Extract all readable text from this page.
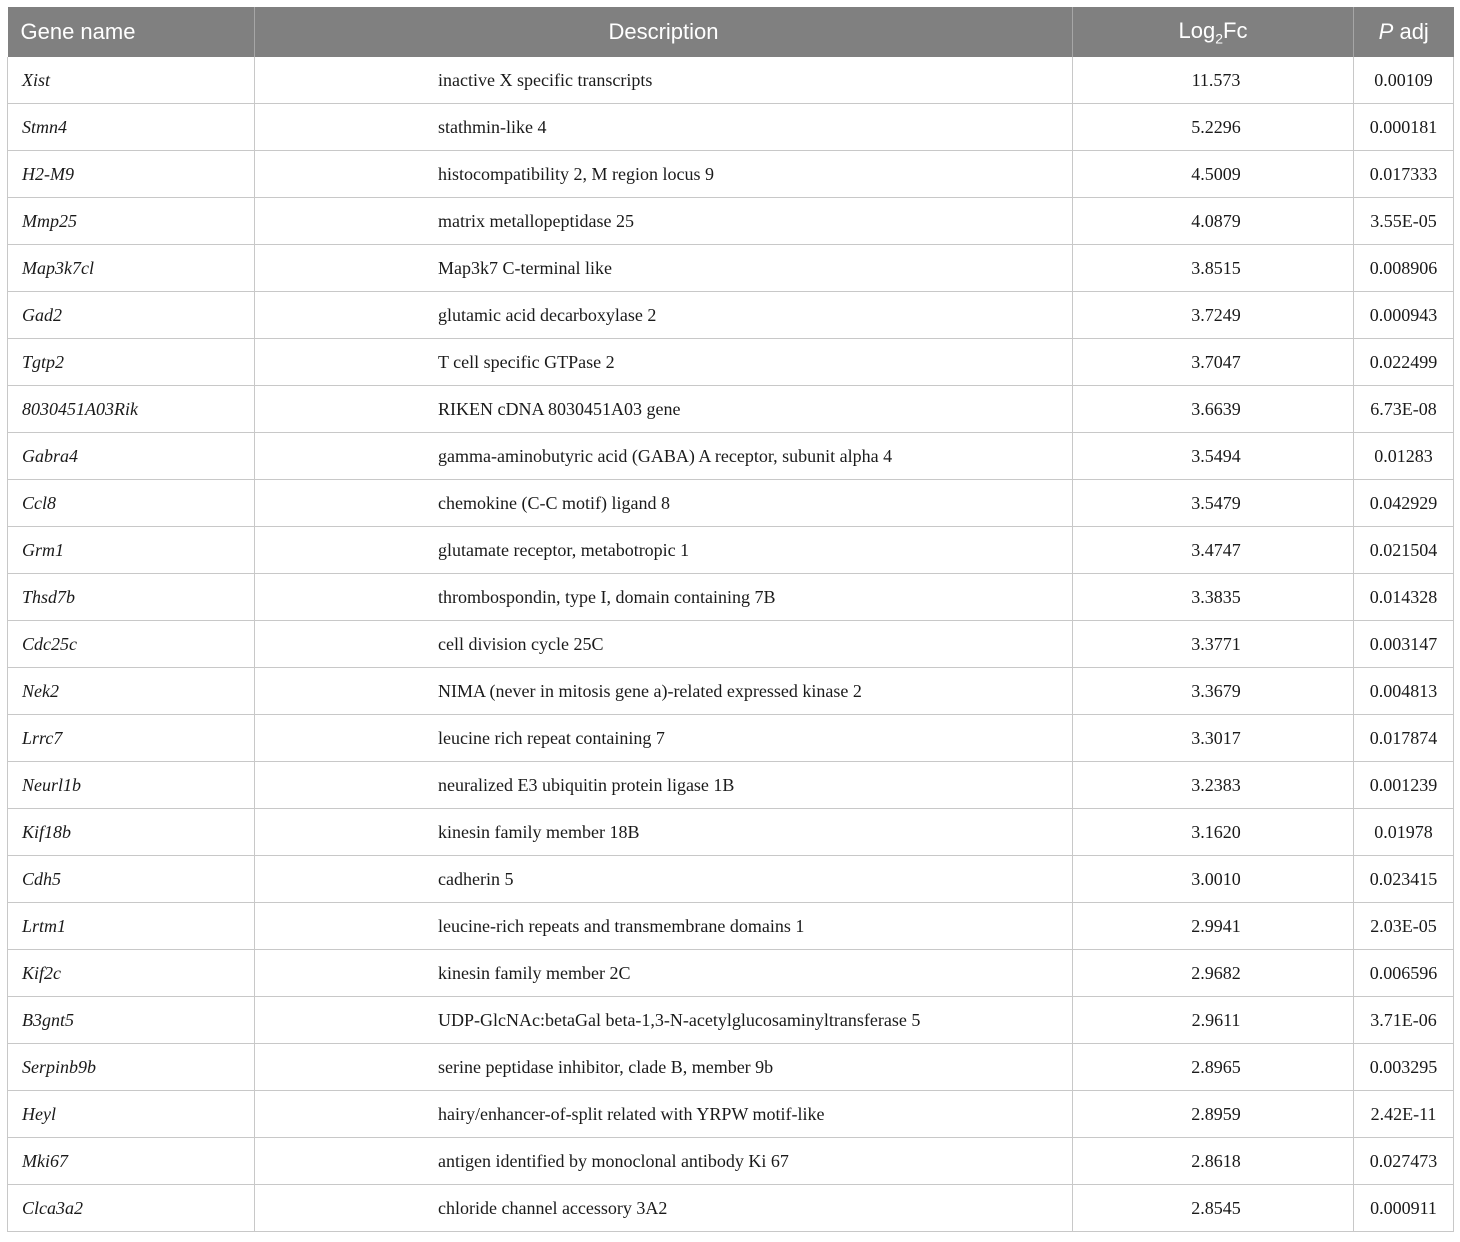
Gene name	Description	Log$_2$Fc	P adj
Xist	inactive X specific transcripts	11.573	0.00109
Stmn4	stathmin-like 4	5.2296	0.000181
H2-M9	histocompatibility 2, M region locus 9	4.5009	0.017333
Mmp25	matrix metallopeptidase 25	4.0879	3.55E-05
Map3k7cl	Map3k7 C-terminal like	3.8515	0.008906
Gad2	glutamic acid decarboxylase 2	3.7249	0.000943
Tgtp2	T cell specific GTPase 2	3.7047	0.022499
8030451A03Rik	RIKEN cDNA 8030451A03 gene	3.6639	6.73E-08
Gabra4	gamma-aminobutyric acid (GABA) A receptor, subunit alpha 4	3.5494	0.01283
Ccl8	chemokine (C-C motif) ligand 8	3.5479	0.042929
Grm1	glutamate receptor, metabotropic 1	3.4747	0.021504
Thsd7b	thrombospondin, type I, domain containing 7B	3.3835	0.014328
Cdc25c	cell division cycle 25C	3.3771	0.003147
Nek2	NIMA (never in mitosis gene a)-related expressed kinase 2	3.3679	0.004813
Lrrc7	leucine rich repeat containing 7	3.3017	0.017874
Neurl1b	neuralized E3 ubiquitin protein ligase 1B	3.2383	0.001239
Kif18b	kinesin family member 18B	3.1620	0.01978
Cdh5	cadherin 5	3.0010	0.023415
Lrtm1	leucine-rich repeats and transmembrane domains 1	2.9941	2.03E-05
Kif2c	kinesin family member 2C	2.9682	0.006596
B3gnt5	UDP-GlcNAc:betaGal beta-1,3-N-acetylglucosaminyltransferase 5	2.9611	3.71E-06
Serpinb9b	serine peptidase inhibitor, clade B, member 9b	2.8965	0.003295
Heyl	hairy/enhancer-of-split related with YRPW motif-like	2.8959	2.42E-11
Mki67	antigen identified by monoclonal antibody Ki 67	2.8618	0.027473
Clca3a2	chloride channel accessory 3A2	2.8545	0.000911
